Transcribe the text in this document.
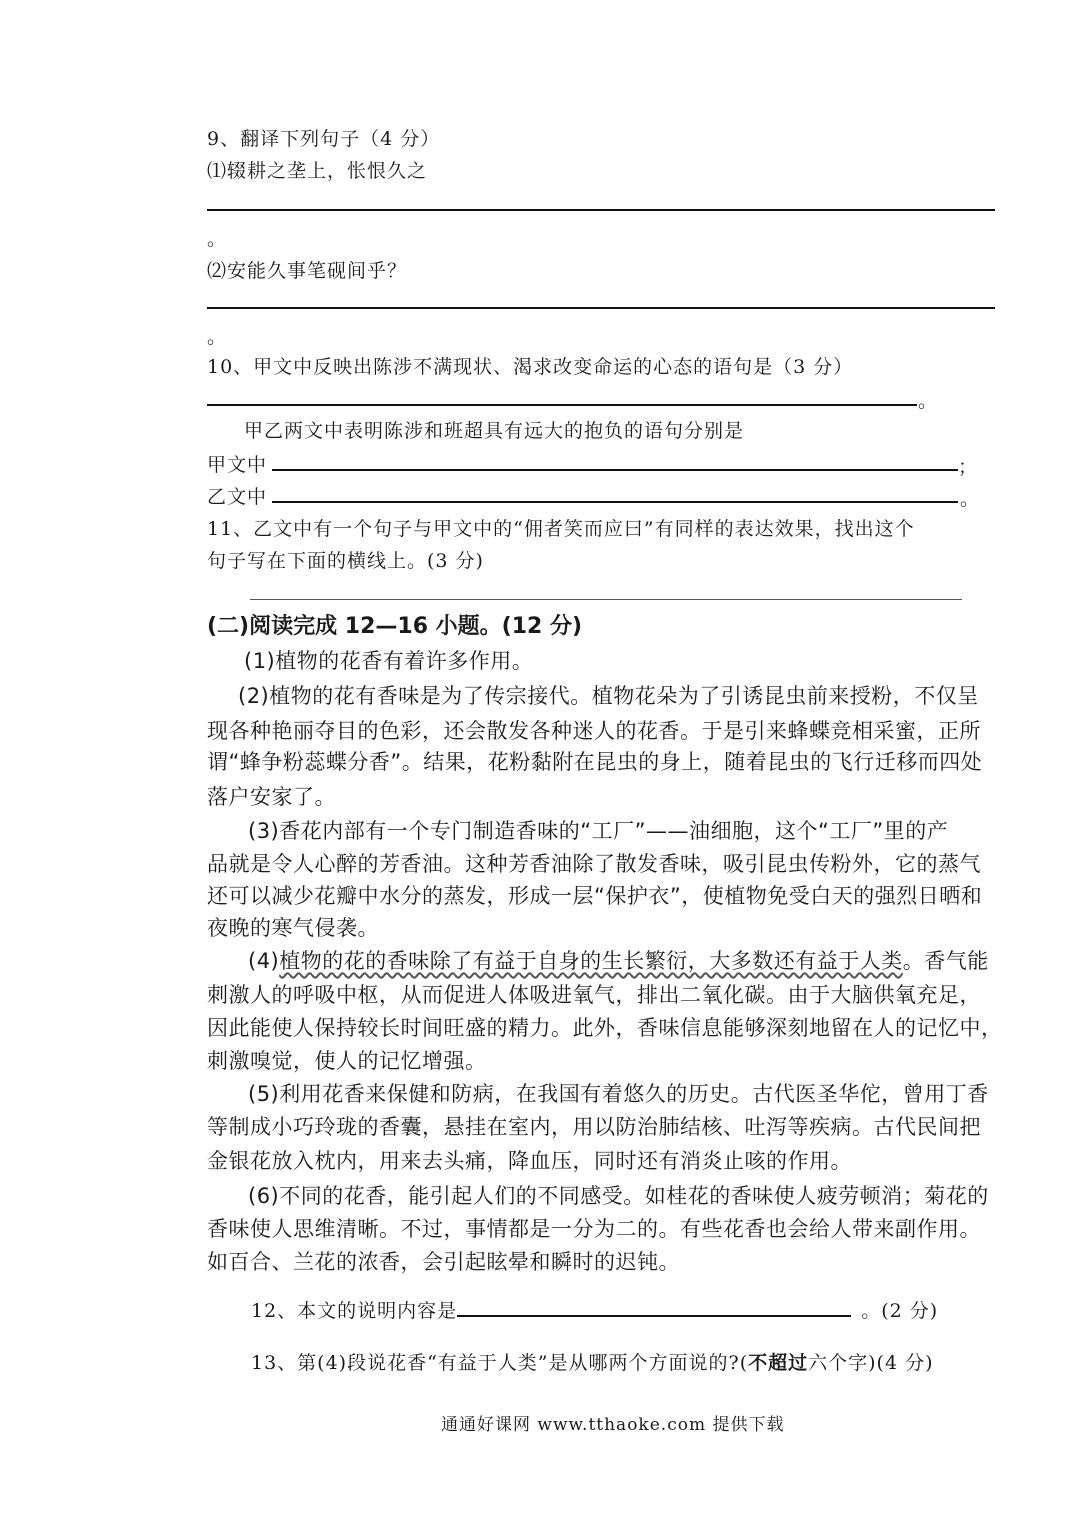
9、翻译下列句子（4 分）
⑴辍耕之垄上，怅恨久之
。
⑵安能久事笔砚间乎？
。
10、甲文中反映出陈涉不满现状、渴求改变命运的心态的语句是（3 分）
。
甲乙两文中表明陈涉和班超具有远大的抱负的语句分别是
甲文中	；
乙文中	。
11、乙文中有一个句子与甲文中的“佣者笑而应曰”有同样的表达效果，找出这个
句子写在下面的横线上。(3 分)
(二)阅读完成 12—16 小题。(12 分)
(1)植物的花香有着许多作用。
(2)植物的花有香味是为了传宗接代。植物花朵为了引诱昆虫前来授粉，不仅呈
现各种艳丽夺目的色彩，还会散发各种迷人的花香。于是引来蜂蝶竞相采蜜，正所
谓“蜂争粉蕊蝶分香”。结果，花粉黏附在昆虫的身上，随着昆虫的飞行迁移而四处
落户安家了。
(3)香花内部有一个专门制造香味的“工厂”——油细胞，这个“工厂”里的产
品就是令人心醉的芳香油。这种芳香油除了散发香味，吸引昆虫传粉外，它的蒸气
还可以减少花瓣中水分的蒸发，形成一层“保护衣”，使植物免受白天的强烈日晒和
夜晚的寒气侵袭。
(4)植物的花的香味除了有益于自身的生长繁衍，大多数还有益于人类。香气能
刺激人的呼吸中枢，从而促进人体吸进氧气，排出二氧化碳。由于大脑供氧充足，
因此能使人保持较长时间旺盛的精力。此外，香味信息能够深刻地留在人的记忆中，
刺激嗅觉，使人的记忆增强。
(5)利用花香来保健和防病，在我国有着悠久的历史。古代医圣华佗，曾用丁香
等制成小巧玲珑的香囊，悬挂在室内，用以防治肺结核、吐泻等疾病。古代民间把
金银花放入枕内，用来去头痛，降血压，同时还有消炎止咳的作用。
(6)不同的花香，能引起人们的不同感受。如桂花的香味使人疲劳顿消；菊花的
香味使人思维清晰。不过，事情都是一分为二的。有些花香也会给人带来副作用。
如百合、兰花的浓香，会引起眩晕和瞬时的迟钝。
12、本文的说明内容是	。(2 分)
13、第(4)段说花香“有益于人类”是从哪两个方面说的?(不超过六个字)(4 分)
通通好课网 www.tthaoke.com 提供下载
